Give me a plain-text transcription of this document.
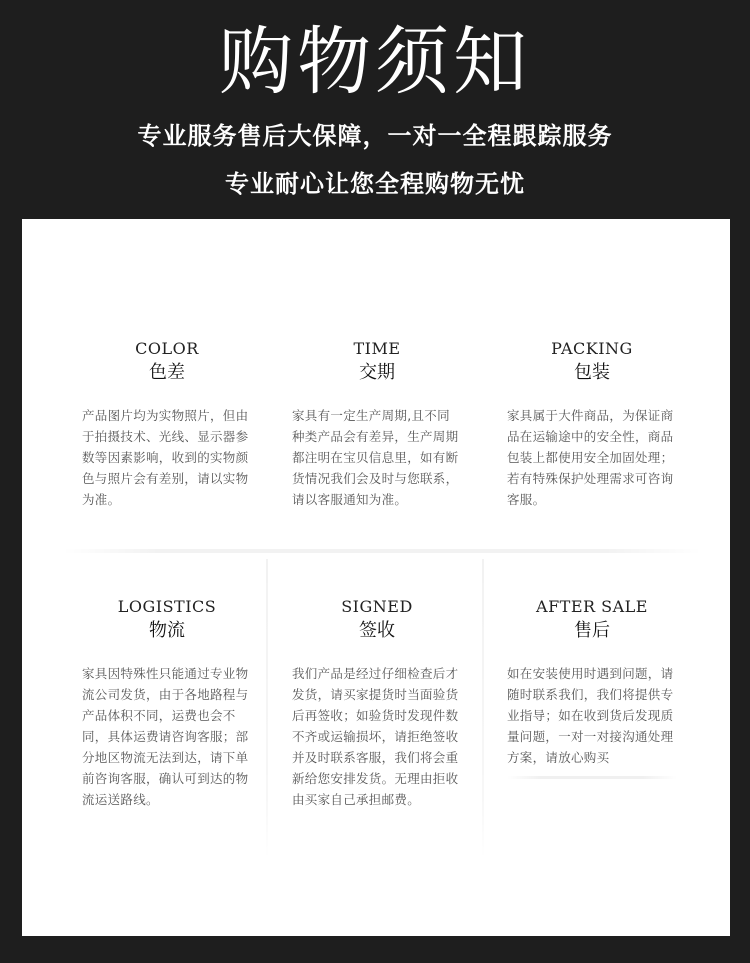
购物须知
专业服务售后大保障，一对一全程跟踪服务
专业耐心让您全程购物无忧
COLOR
色差
产品图片均为实物照片，但由于拍摄技术、光线、显示器参数等因素影响，收到的实物颜色与照片会有差别，请以实物为准。
TIME
交期
家具有一定生产周期,且不同种类产品会有差异，生产周期都注明在宝贝信息里，如有断货情况我们会及时与您联系，请以客服通知为准。
PACKING
包装
家具属于大件商品，为保证商品在运输途中的安全性，商品包装上都使用安全加固处理；若有特殊保护处理需求可咨询客服。
LOGISTICS
物流
家具因特殊性只能通过专业物流公司发货，由于各地路程与产品体积不同，运费也会不同，具体运费请咨询客服；部分地区物流无法到达，请下单前咨询客服，确认可到达的物流运送路线。
SIGNED
签收
我们产品是经过仔细检查后才发货，请买家提货时当面验货后再签收；如验货时发现件数不齐或运输损坏，请拒绝签收并及时联系客服，我们将会重新给您安排发货。无理由拒收由买家自己承担邮费。
AFTER SALE
售后
如在安装使用时遇到问题，请随时联系我们，我们将提供专业指导；如在收到货后发现质量问题，一对一对接沟通处理方案，请放心购买
